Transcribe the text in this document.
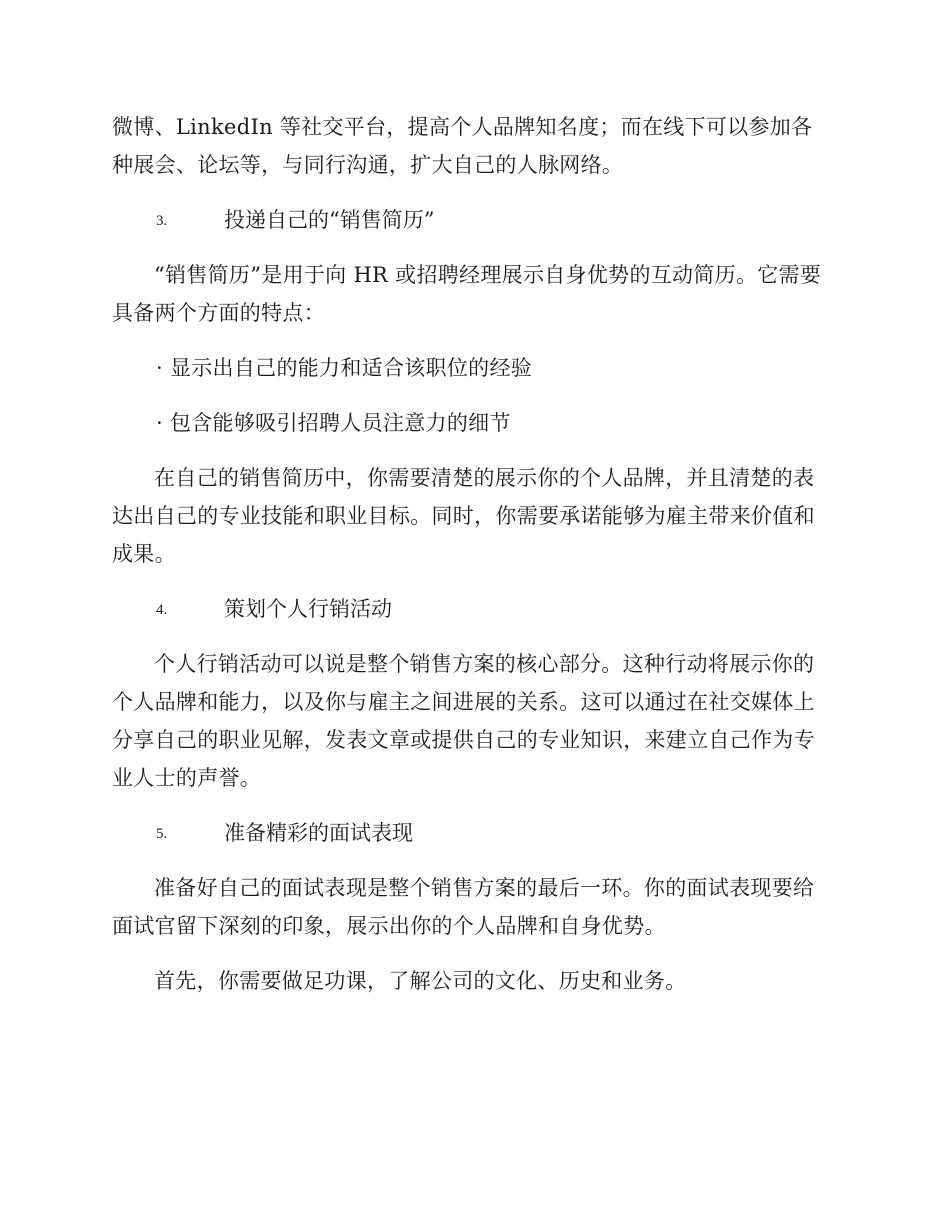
微博、LinkedIn 等社交平台，提高个人品牌知名度；而在线下可以参加各种展会、论坛等，与同行沟通，扩大自己的人脉网络。

3.	投递自己的“销售简历”

“销售简历”是用于向 HR 或招聘经理展示自身优势的互动简历。它需要具备两个方面的特点：

· 显示出自己的能力和适合该职位的经验

· 包含能够吸引招聘人员注意力的细节

在自己的销售简历中，你需要清楚的展示你的个人品牌，并且清楚的表达出自己的专业技能和职业目标。同时，你需要承诺能够为雇主带来价值和成果。

4.	策划个人行销活动

个人行销活动可以说是整个销售方案的核心部分。这种行动将展示你的个人品牌和能力，以及你与雇主之间进展的关系。这可以通过在社交媒体上分享自己的职业见解，发表文章或提供自己的专业知识，来建立自己作为专业人士的声誉。

5.	准备精彩的面试表现

准备好自己的面试表现是整个销售方案的最后一环。你的面试表现要给面试官留下深刻的印象，展示出你的个人品牌和自身优势。

首先，你需要做足功课，了解公司的文化、历史和业务。
